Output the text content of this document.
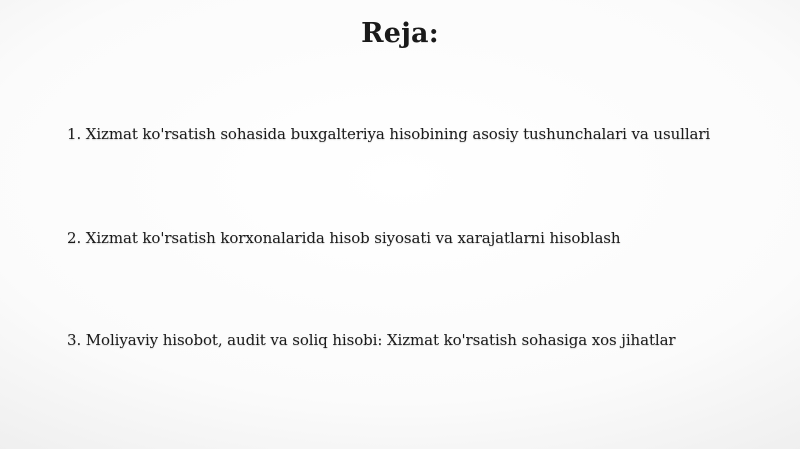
Reja:
1. Xizmat ko'rsatish sohasida buxgalteriya hisobining asosiy tushunchalari va usullari
2. Xizmat ko'rsatish korxonalarida hisob siyosati va xarajatlarni hisoblash
3. Moliyaviy hisobot, audit va soliq hisobi: Xizmat ko'rsatish sohasiga xos jihatlar
